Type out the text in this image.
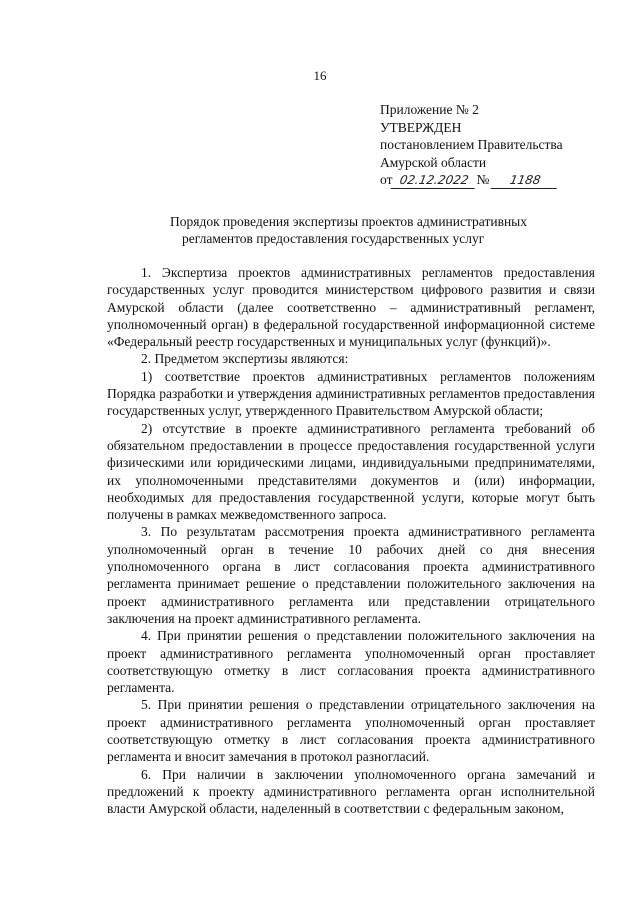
16
Приложение № 2
УТВЕРЖДЕН
постановлением Правительства
Амурской области
от 02.12.2022 №	1188
Порядок проведения экспертизы проектов административных
регламентов предоставления государственных услуг

1. Экспертиза проектов административных регламентов предоставления государственных услуг проводится министерством цифрового развития и связи Амурской области (далее соответственно – административный регламент, уполномоченный орган) в федеральной государственной информационной системе «Федеральный реестр государственных и муниципальных услуг (функций)».

2. Предметом экспертизы являются:

1) соответствие проектов административных регламентов положениям Порядка разработки и утверждения административных регламентов предоставления государственных услуг, утвержденного Правительством Амурской области;

2) отсутствие в проекте административного регламента требований об обязательном предоставлении в процессе предоставления государственной услуги физическими или юридическими лицами, индивидуальными предпринимателями, их уполномоченными представителями документов и (или) информации, необходимых для предоставления государственной услуги, которые могут быть получены в рамках межведомственного запроса.

3. По результатам рассмотрения проекта административного регламента уполномоченный орган в течение 10 рабочих дней со дня внесения уполномоченного органа в лист согласования проекта административного регламента принимает решение о представлении положительного заключения на проект административного регламента или представлении отрицательного заключения на проект административного регламента.

4. При принятии решения о представлении положительного заключения на проект административного регламента уполномоченный орган проставляет соответствующую отметку в лист согласования проекта административного регламента.

5. При принятии решения о представлении отрицательного заключения на проект административного регламента уполномоченный орган проставляет соответствующую отметку в лист согласования проекта административного регламента и вносит замечания в протокол разногласий.

6. При наличии в заключении уполномоченного органа замечаний и предложений к проекту административного регламента орган исполнительной власти Амурской области, наделенный в соответствии с федеральным законом,
